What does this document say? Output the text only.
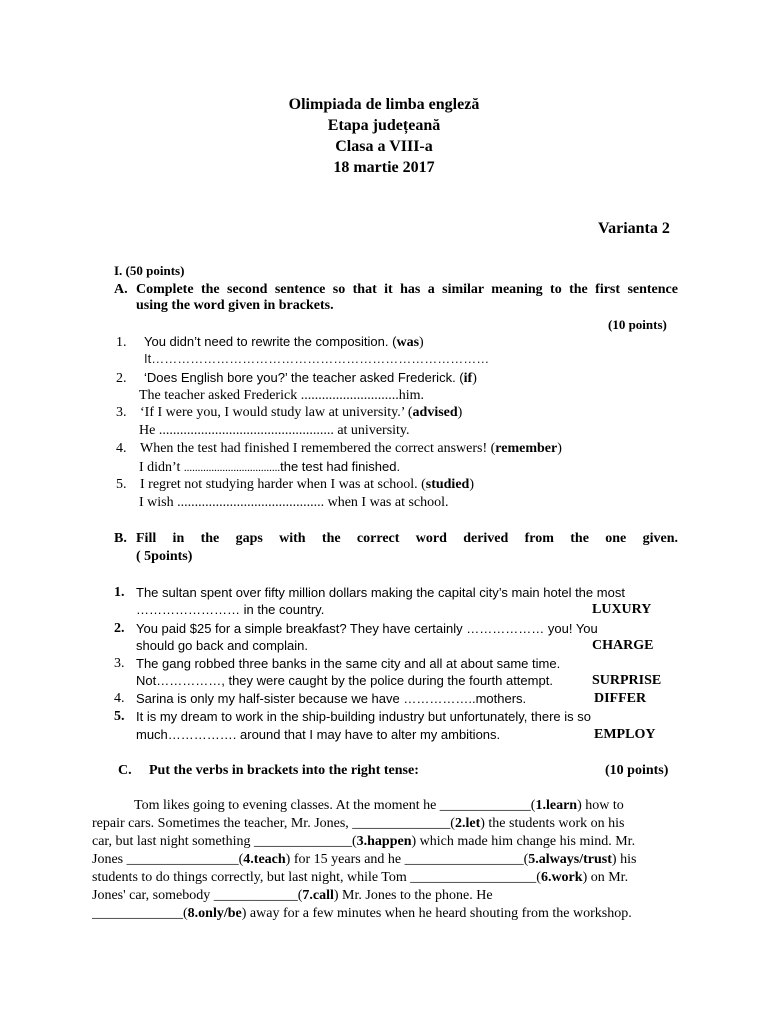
Olimpiada de limba engleză
Etapa județeană
Clasa a VIII-a
18 martie 2017
Varianta 2
I. (50 points)
A. Complete the second sentence so that it has a similar meaning to the first sentence
using the word given in brackets.
(10 points)
1. You didn’t need to rewrite the composition. (was)
It……………………………………………………………………
2. ‘Does English bore you?’ the teacher asked Frederick. (if)
The teacher asked Frederick ............................him.
3. ‘If I were you, I would study law at university.’ (advised)
He .................................................. at university.
4. When the test had finished I remembered the correct answers! (remember)
I didn’t ...................................the test had finished.
5. I regret not studying harder when I was at school. (studied)
I wish .......................................... when I was at school.
B. Fill in the gaps with the correct word derived from the one given.
( 5points)
1. The sultan spent over fifty million dollars making the capital city’s main hotel the most
…………………… in the country.	LUXURY
2. You paid $25 for a simple breakfast? They have certainly ……………… you! You
should go back and complain.	CHARGE
3. The gang robbed three banks in the same city and all at about same time.
Not……………, they were caught by the police during the fourth attempt.	SURPRISE
4. Sarina is only my half-sister because we have ……………..mothers.	DIFFER
5. It is my dream to work in the ship-building industry but unfortunately, there is so
much……………. around that I may have to alter my ambitions.	EMPLOY
C. Put the verbs in brackets into the right tense:	(10 points)
Tom likes going to evening classes. At the moment he _____________(1.learn) how to
repair cars. Sometimes the teacher, Mr. Jones, ______________(2.let) the students work on his
car, but last night something ______________(3.happen) which made him change his mind. Mr.
Jones ________________(4.teach) for 15 years and he _________________(5.always/trust) his
students to do things correctly, but last night, while Tom __________________(6.work) on Mr.
Jones' car, somebody ____________(7.call) Mr. Jones to the phone. He
_____________(8.only/be) away for a few minutes when he heard shouting from the workshop.
